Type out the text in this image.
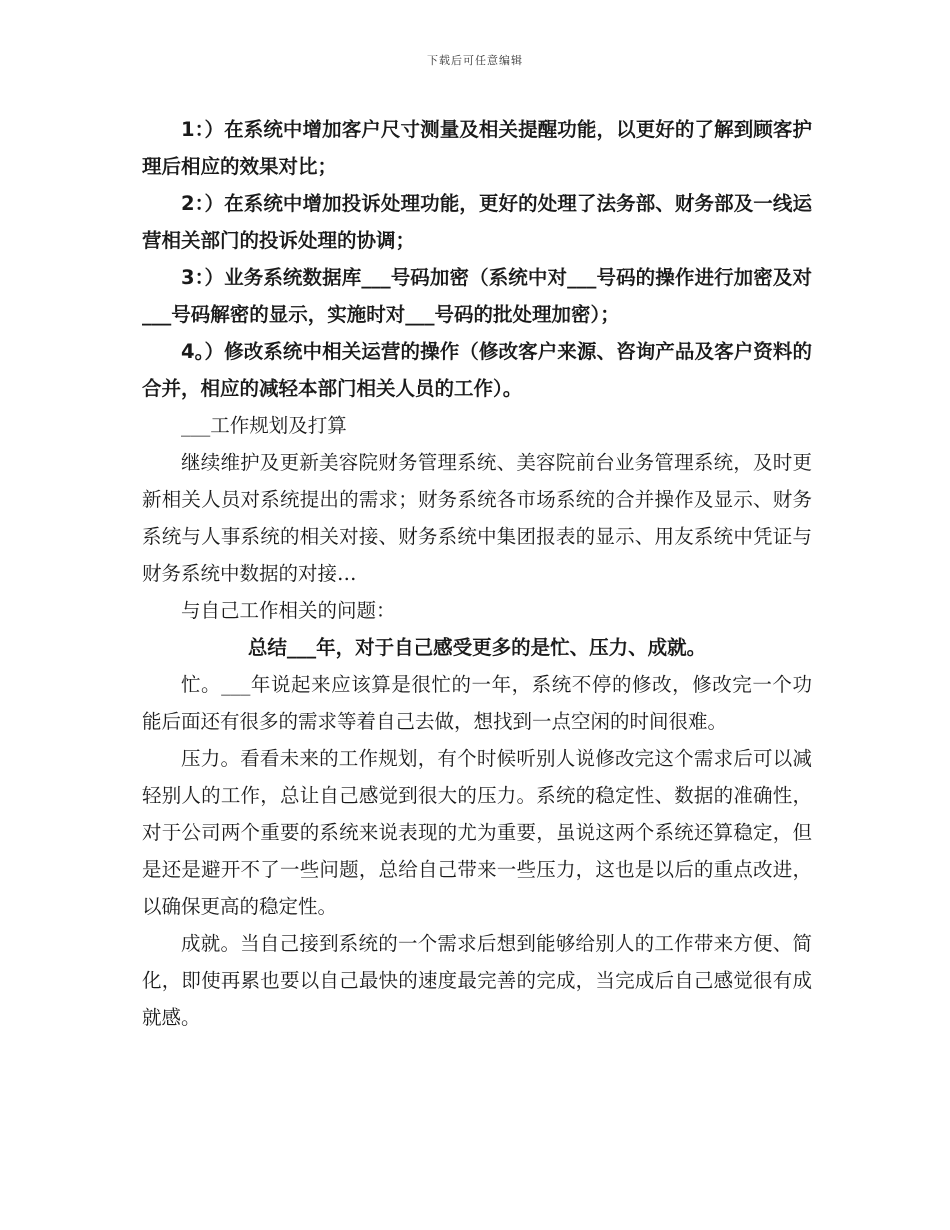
下载后可任意编辑

1：）在系统中增加客户尺寸测量及相关提醒功能，以更好的了解到顾客护理后相应的效果对比；

2：）在系统中增加投诉处理功能，更好的处理了法务部、财务部及一线运营相关部门的投诉处理的协调；

3：）业务系统数据库___号码加密（系统中对___号码的操作进行加密及对___号码解密的显示，实施时对___号码的批处理加密）；

4。）修改系统中相关运营的操作（修改客户来源、咨询产品及客户资料的合并，相应的减轻本部门相关人员的工作）。

___工作规划及打算

继续维护及更新美容院财务管理系统、美容院前台业务管理系统，及时更新相关人员对系统提出的需求；财务系统各市场系统的合并操作及显示、财务系统与人事系统的相关对接、财务系统中集团报表的显示、用友系统中凭证与财务系统中数据的对接…

与自己工作相关的问题：

总结___年，对于自己感受更多的是忙、压力、成就。

忙。___年说起来应该算是很忙的一年，系统不停的修改，修改完一个功能后面还有很多的需求等着自己去做，想找到一点空闲的时间很难。

压力。看看未来的工作规划，有个时候听别人说修改完这个需求后可以减轻别人的工作，总让自己感觉到很大的压力。系统的稳定性、数据的准确性，对于公司两个重要的系统来说表现的尤为重要，虽说这两个系统还算稳定，但是还是避开不了一些问题，总给自己带来一些压力，这也是以后的重点改进，以确保更高的稳定性。

成就。当自己接到系统的一个需求后想到能够给别人的工作带来方便、简化，即使再累也要以自己最快的速度最完善的完成，当完成后自己感觉很有成就感。
